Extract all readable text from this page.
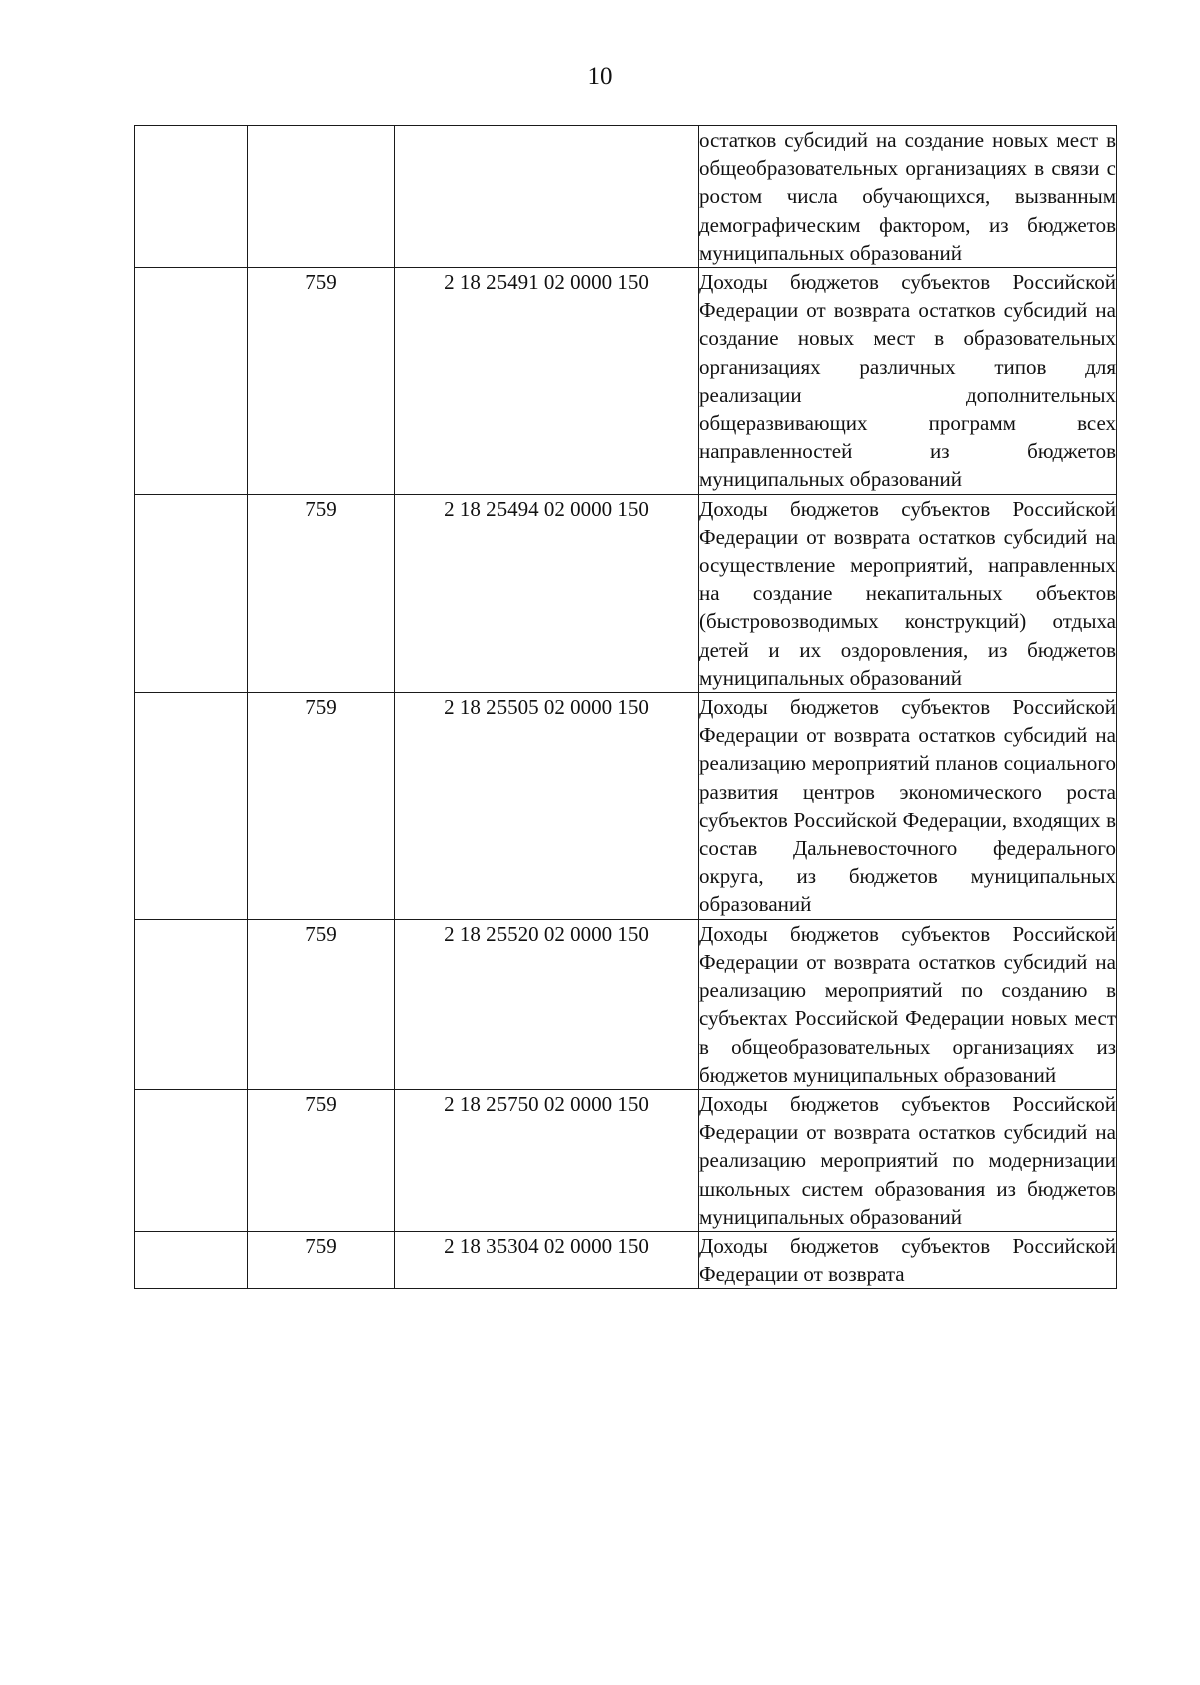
10

			остатков субсидий на создание новых мест в общеобразовательных организациях в связи с ростом числа обучающихся, вызванным демографическим фактором, из бюджетов муниципальных образований

	759	2 18 25491 02 0000 150	Доходы бюджетов субъектов Российской Федерации от возврата остатков субсидий на создание новых мест в образовательных организациях различных типов для реализации дополнительных общеразвивающих программ всех направленностей из бюджетов муниципальных образований

	759	2 18 25494 02 0000 150	Доходы бюджетов субъектов Российской Федерации от возврата остатков субсидий на осуществление мероприятий, направленных на создание некапитальных объектов (быстровозводимых конструкций) отдыха детей и их оздоровления, из бюджетов муниципальных образований

	759	2 18 25505 02 0000 150	Доходы бюджетов субъектов Российской Федерации от возврата остатков субсидий на реализацию мероприятий планов социального развития центров экономического роста субъектов Российской Федерации, входящих в состав Дальневосточного федерального округа, из бюджетов муниципальных образований

	759	2 18 25520 02 0000 150	Доходы бюджетов субъектов Российской Федерации от возврата остатков субсидий на реализацию мероприятий по созданию в субъектах Российской Федерации новых мест в общеобразовательных организациях из бюджетов муниципальных образований

	759	2 18 25750 02 0000 150	Доходы бюджетов субъектов Российской Федерации от возврата остатков субсидий на реализацию мероприятий по модернизации школьных систем образования из бюджетов муниципальных образований

	759	2 18 35304 02 0000 150	Доходы бюджетов субъектов Российской Федерации от возврата
